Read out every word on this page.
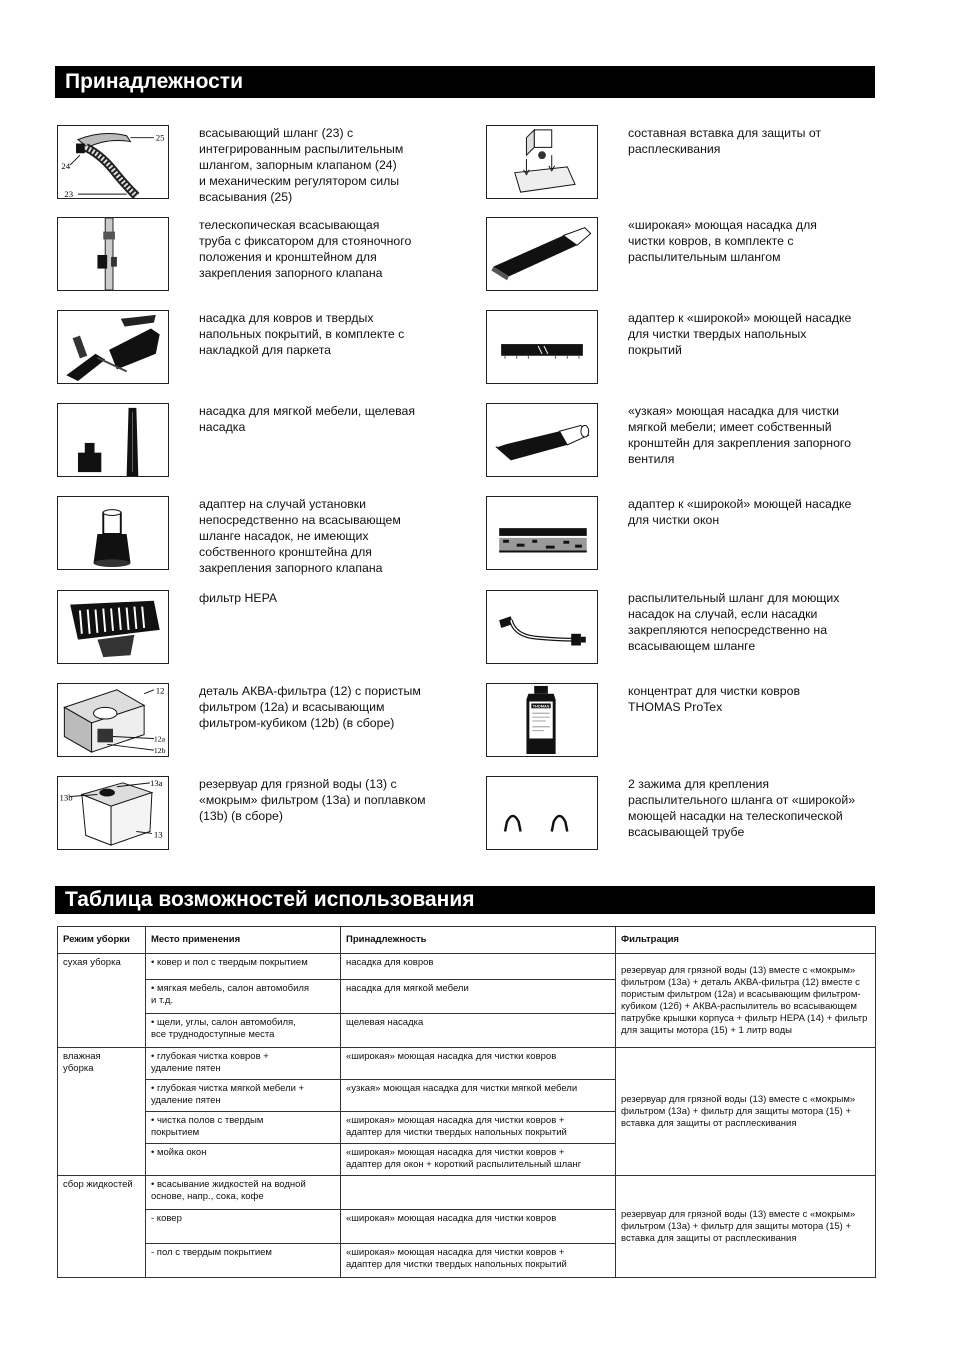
Принадлежности
25
24
23
всасывающий шланг (23) с
интегрированным распылительным
шлангом, запорным клапаном (24)
и механическим регулятором силы
всасывания (25)
телескопическая всасывающая
труба с фиксатором для стояночного
положения и кронштейном для
закрепления запорного клапана
насадка для ковров и твердых
напольных покрытий, в комплекте с
накладкой для паркета
насадка для мягкой мебели, щелевая
насадка
адаптер на случай установки
непосредственно на всасывающем
шланге насадок, не имеющих
собственного кронштейна для
закрепления запорного клапана
фильтр HEPA
12
12a
12b
деталь АКВА-фильтра (12) с пористым
фильтром (12а) и всасывающим
фильтром-кубиком (12b) (в сборе)
13a
13b
13
резервуар для грязной воды (13) с
«мокрым» фильтром (13а) и поплавком
(13b) (в сборе)
составная вставка для защиты от
расплескивания
«широкая» моющая насадка для
чистки ковров, в комплекте с
распылительным шлангом
адаптер к «широкой» моющей насадке
для чистки твердых напольных
покрытий
«узкая» моющая насадка для чистки
мягкой мебели; имеет собственный
кронштейн для закрепления запорного
вентиля
адаптер к «широкой» моющей насадке
для чистки окон
распылительный шланг для моющих
насадок на случай, если насадки
закрепляются непосредственно на
всасывающем шланге
THOMAS
концентрат для чистки ковров
THOMAS ProTex
2 зажима для крепления
распылительного шланга от «широкой»
моющей насадки на телескопической
всасывающей трубе
Таблица возможностей использования
Режим уборки	Место применения	Принадлежность	Фильтрация
сухая уборка	• ковер и пол с твердым покрытием	насадка для ковров	резервуар для грязной воды (13) вместе с «мокрым» фильтром (13а) + деталь АКВА-фильтра (12) вместе с пористым фильтром (12а) и всасывающим фильтром-кубиком (12б) + АКВА-распылитель во всасывающем патрубке крышки корпуса + фильтр HEPA (14) + фильтр для защиты мотора (15) + 1 литр воды
	• мягкая мебель, салон автомобиля
и т.д.	насадка для мягкой мебели	
	• щели, углы, салон автомобиля,
все труднодоступные места	щелевая насадка	
влажная
уборка	• глубокая чистка ковров +
удаление пятен	«широкая» моющая насадка для чистки ковров	резервуар для грязной воды (13) вместе с «мокрым» фильтром (13а) + фильтр для защиты мотора (15) + вставка для защиты от расплескивания
	• глубокая чистка мягкой мебели +
удаление пятен	«узкая» моющая насадка для чистки мягкой мебели	
	• чистка полов с твердым
покрытием	«широкая» моющая насадка для чистки ковров +
адаптер для чистки твердых напольных покрытий	
	• мойка окон	«широкая» моющая насадка для чистки ковров +
адаптер для окон + короткий распылительный шланг	
сбор жидкостей	• всасывание жидкостей на водной
основе, напр., сока, кофе		резервуар для грязной воды (13) вместе с «мокрым» фильтром (13а) + фильтр для защиты мотора (15) + вставка для защиты от расплескивания
	- ковер	«широкая» моющая насадка для чистки ковров	
	- пол с твердым покрытием	«широкая» моющая насадка для чистки ковров +
адаптер для чистки твердых напольных покрытий	
